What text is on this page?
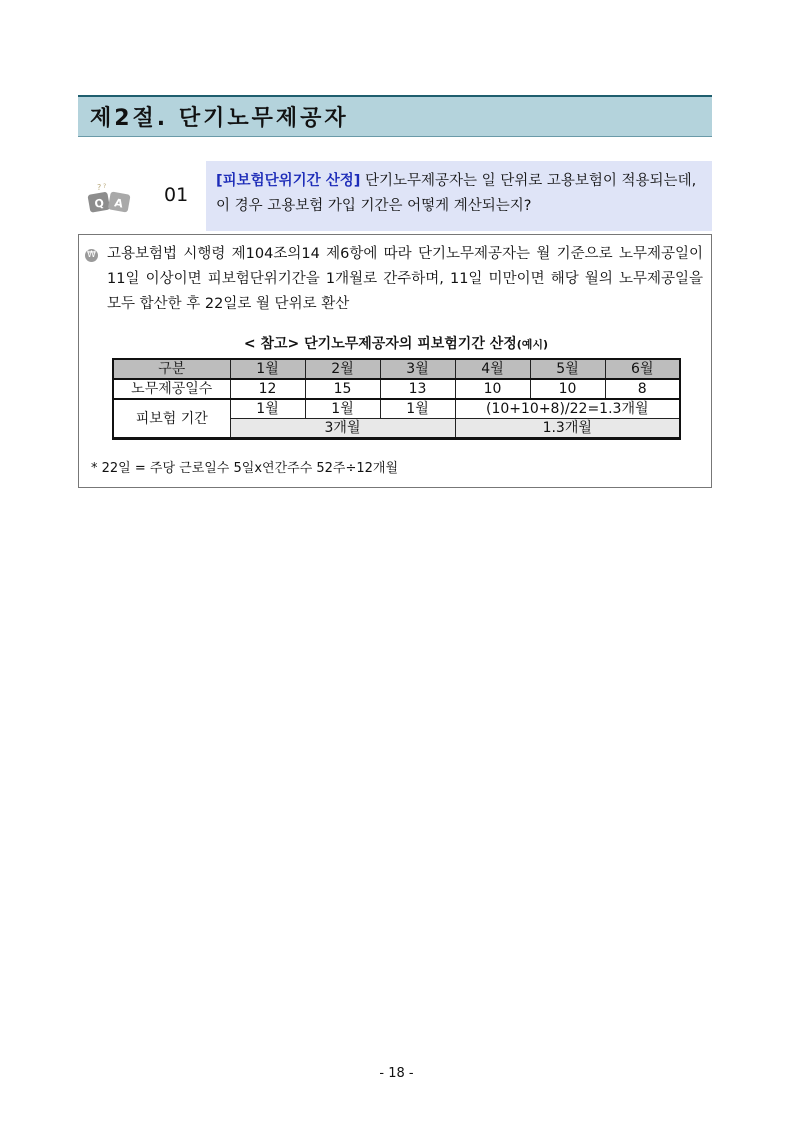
제2절. 단기노무제공자
? ?
Q A 01
[피보험단위기간 산정] 단기노무제공자는 일 단위로 고용보험이 적용되는데, 이 경우 고용보험 가입 기간은 어떻게 계산되는지?
₩ 고용보험법 시행령 제104조의14 제6항에 따라 단기노무제공자는 월 기준으로 노무제공일이 11일 이상이면 피보험단위기간을 1개월로 간주하며, 11일 미만이면 해당 월의 노무제공일을 모두 합산한 후 22일로 월 단위로 환산
< 참고> 단기노무제공자의 피보험기간 산정(예시)
구분	1월	2월	3월	4월	5월	6월
노무제공일수	12	15	13	10	10	8
피보험 기간	1월	1월	1월	(10+10+8)/22=1.3개월		
	3개월			1.3개월		
* 22일 = 주당 근로일수 5일x연간주수 52주÷12개월
- 18 -
